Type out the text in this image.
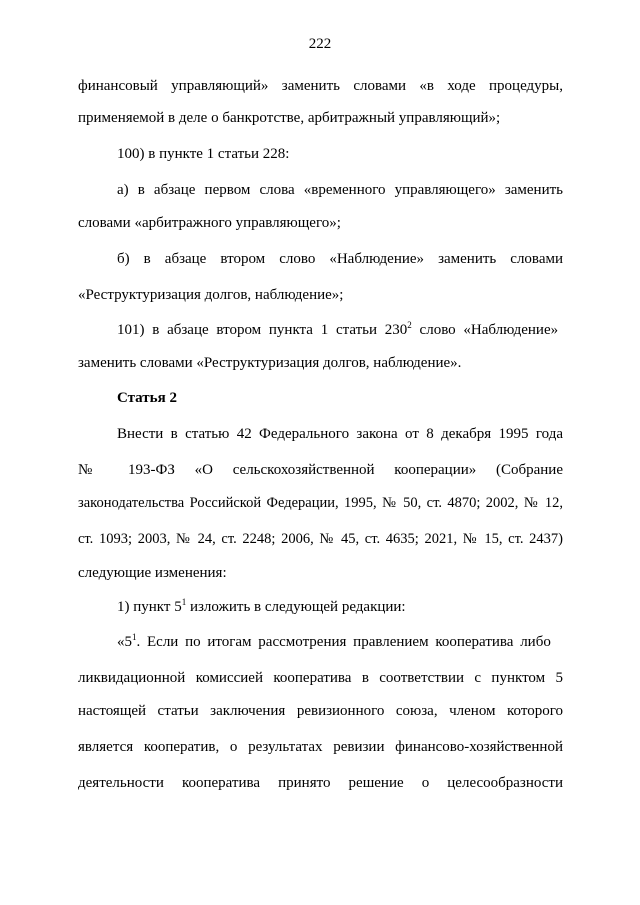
222
финансовый управляющий» заменить словами «в ходе процедуры,
применяемой в деле о банкротстве, арбитражный управляющий»;
100) в пункте 1 статьи 228:
а) в абзаце первом слова «временного управляющего» заменить
словами «арбитражного управляющего»;
б) в абзаце втором слово «Наблюдение» заменить словами
«Реструктуризация долгов, наблюдение»;
101) в абзаце втором пункта 1 статьи $230^2$ слово «Наблюдение»
заменить словами «Реструктуризация долгов, наблюдение».
Статья 2
Внести в статью 42 Федерального закона от 8 декабря 1995 года
№ 193-ФЗ «О сельскохозяйственной кооперации» (Собрание
законодательства Российской Федерации, 1995, № 50, ст. 4870; 2002, № 12,
ст. 1093; 2003, № 24, ст. 2248; 2006, № 45, ст. 4635; 2021, № 15, ст. 2437)
следующие изменения:
1) пункт $5^1$ изложить в следующей редакции:
«$5^1$. Если по итогам рассмотрения правлением кооператива либо
ликвидационной комиссией кооператива в соответствии с пунктом 5
настоящей статьи заключения ревизионного союза, членом которого
является кооператив, о результатах ревизии финансово-хозяйственной
деятельности кооператива принято решение о целесообразности
